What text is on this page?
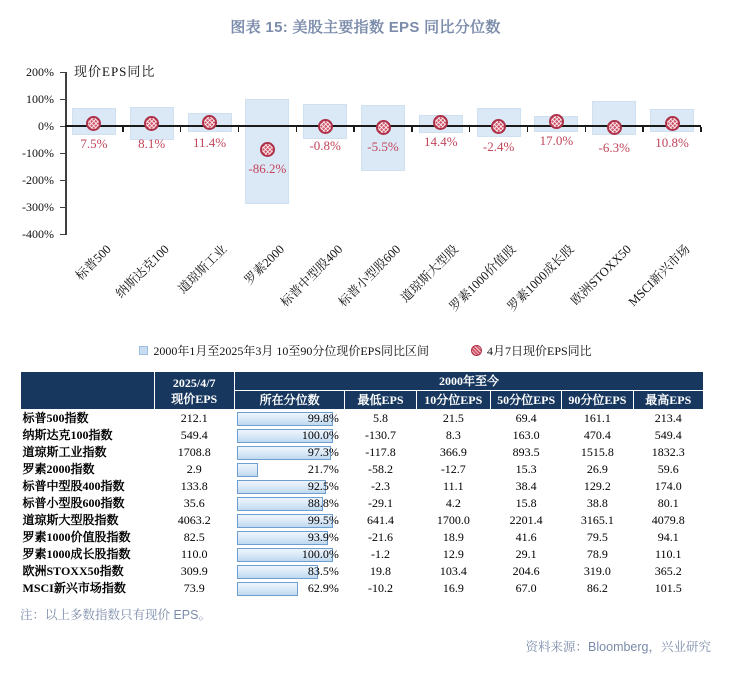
图表 15: 美股主要指数 EPS 同比分位数
现价EPS同比
200%
100%
0%
-100%
-200%
-300%
-400%
7.5%
标普500
8.1%
纳斯达克100
11.4%
道琼斯工业
-86.2%
罗素2000
-0.8%
标普中型股400
-5.5%
标普小型股600
14.4%
道琼斯大型股
-2.4%
罗素1000价值股
17.0%
罗素1000成长股
-6.3%
欧洲STOXX50
10.8%
MSCI新兴市场
2000年1月至2025年3月 10至90分位现价EPS同比区间	4月7日现价EPS同比
	2025/4/7
现价EPS	2000年至今					
		所在分位数	最低EPS	10分位EPS	50分位EPS	90分位EPS	最高EPS
标普500指数	212.1	99.8%	5.8	21.5	69.4	161.1	213.4
纳斯达克100指数	549.4	100.0%	-130.7	8.3	163.0	470.4	549.4
道琼斯工业指数	1708.8	97.3%	-117.8	366.9	893.5	1515.8	1832.3
罗素2000指数	2.9	21.7%	-58.2	-12.7	15.3	26.9	59.6
标普中型股400指数	133.8	92.5%	-2.3	11.1	38.4	129.2	174.0
标普小型股600指数	35.6	88.8%	-29.1	4.2	15.8	38.8	80.1
道琼斯大型股指数	4063.2	99.5%	641.4	1700.0	2201.4	3165.1	4079.8
罗素1000价值股指数	82.5	93.9%	-21.6	18.9	41.6	79.5	94.1
罗素1000成长股指数	110.0	100.0%	-1.2	12.9	29.1	78.9	110.1
欧洲STOXX50指数	309.9	83.5%	19.8	103.4	204.6	319.0	365.2
MSCI新兴市场指数	73.9	62.9%	-10.2	16.9	67.0	86.2	101.5
注：以上多数指数只有现价 EPS。
资料来源：Bloomberg，兴业研究
